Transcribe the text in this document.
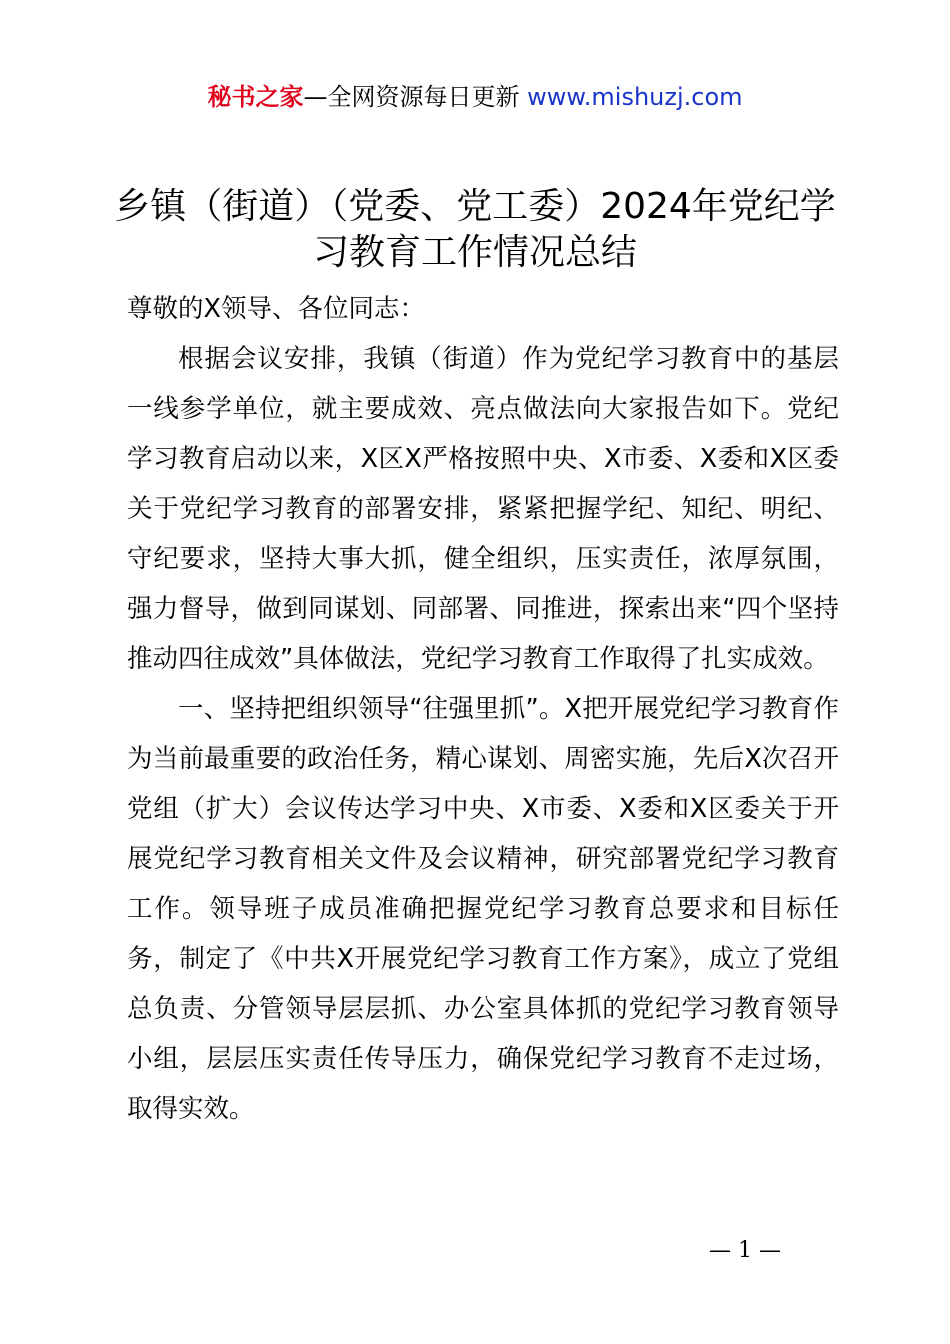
秘书之家—全网资源每日更新 www.mishuzj.com
乡镇（街道）（党委、党工委）2024年党纪学习教育工作情况总结

尊敬的X领导、各位同志：

根据会议安排，我镇（街道）作为党纪学习教育中的基层一线参学单位，就主要成效、亮点做法向大家报告如下。党纪学习教育启动以来，X区X严格按照中央、X市委、X委和X区委关于党纪学习教育的部署安排，紧紧把握学纪、知纪、明纪、守纪要求，坚持大事大抓，健全组织，压实责任，浓厚氛围，强力督导，做到同谋划、同部署、同推进，探索出来“四个坚持推动四往成效”具体做法，党纪学习教育工作取得了扎实成效。

一、坚持把组织领导“往强里抓”。X把开展党纪学习教育作为当前最重要的政治任务，精心谋划、周密实施，先后X次召开党组（扩大）会议传达学习中央、X市委、X委和X区委关于开展党纪学习教育相关文件及会议精神，研究部署党纪学习教育工作。领导班子成员准确把握党纪学习教育总要求和目标任务，制定了《中共X开展党纪学习教育工作方案》，成立了党组总负责、分管领导层层抓、办公室具体抓的党纪学习教育领导小组，层层压实责任传导压力，确保党纪学习教育不走过场，取得实效。

— 1 —
